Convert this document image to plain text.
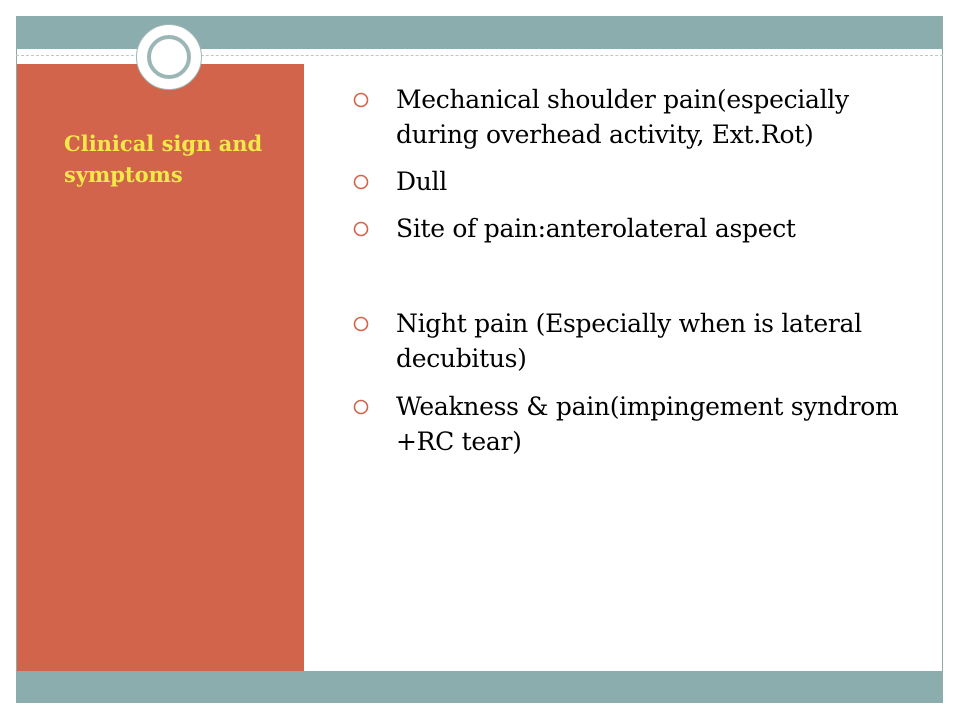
Clinical sign and symptoms
Mechanical shoulder pain(especially during overhead activity, Ext.Rot)
Dull
Site of pain:anterolateral aspect
Night pain (Especially when is lateral decubitus)
Weakness & pain(impingement syndrom +RC tear)
